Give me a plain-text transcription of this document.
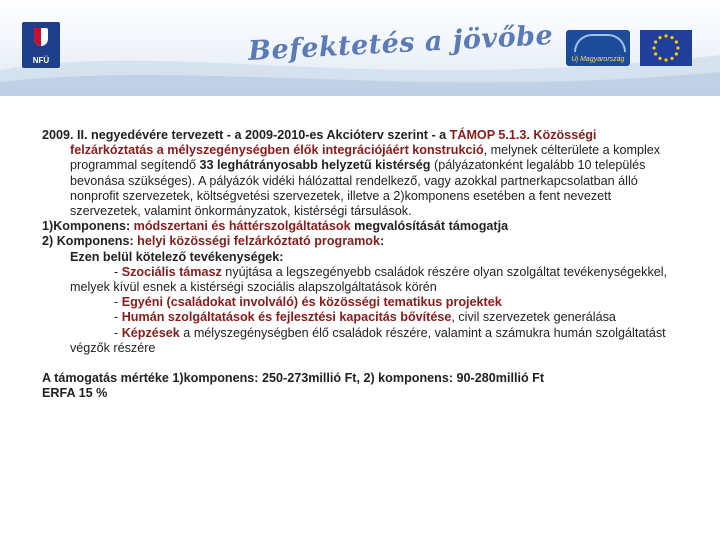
NFÜ	Befektetés a jövőbe	Új Magyarország

2009. II. negyedévére tervezett - a 2009-2010-es Akcióterv szerint - a TÁMOP 5.1.3. Közösségi felzárkóztatás a mélyszegénységben élők integrációjáért konstrukció, melynek célterülete a komplex programmal segítendő 33 leghátrányosabb helyzetű kistérség (pályázatonként legalább 10 település bevonása szükséges). A pályázók vidéki hálózattal rendelkező, vagy azokkal partnerkapcsolatban álló nonprofit szervezetek, költségvetési szervezetek, illetve a 2)komponens esetében a fent nevezett szervezetek, valamint önkormányzatok, kistérségi társulások.

1)Komponens: módszertani és háttérszolgáltatások megvalósítását támogatja

2) Komponens: helyi közösségi felzárkóztató programok:

Ezen belül kötelező tevékenységek:

- Szociális támasz nyújtása a legszegényebb családok részére olyan szolgáltat tevékenységekkel, melyek kívül esnek a kistérségi szociális alapszolgáltatások körén

- Egyéni (családokat involváló) és közösségi tematikus projektek

- Humán szolgáltatások és fejlesztési kapacitás bővítése, civil szervezetek generálása

- Képzések a mélyszegénységben élő családok részére, valamint a számukra humán szolgáltatást végzők részére

A támogatás mértéke 1)komponens: 250-273millió Ft, 2) komponens: 90-280millió Ft

ERFA 15 %
